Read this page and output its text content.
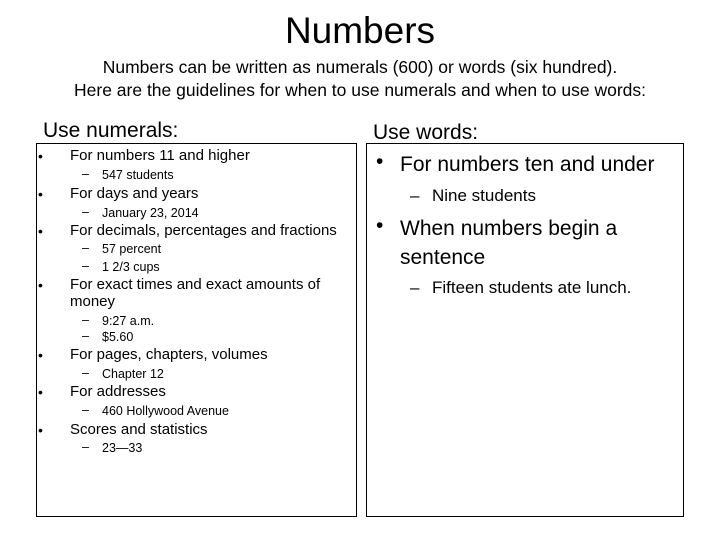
Numbers
Numbers can be written as numerals (600) or words (six hundred).
Here are the guidelines for when to use numerals and when to use words:
Use numerals:
• For numbers 11 and higher
– 547 students
• For days and years
– January 23, 2014
• For decimals, percentages and fractions
– 57 percent
– 1 2/3 cups
• For exact times and exact amounts of
money
– 9:27 a.m.
– $5.60
• For pages, chapters, volumes
– Chapter 12
• For addresses
– 460 Hollywood Avenue
• Scores and statistics
– 23—33
Use words:
• For numbers ten and under
– Nine students
• When numbers begin a
sentence
– Fifteen students ate lunch.
